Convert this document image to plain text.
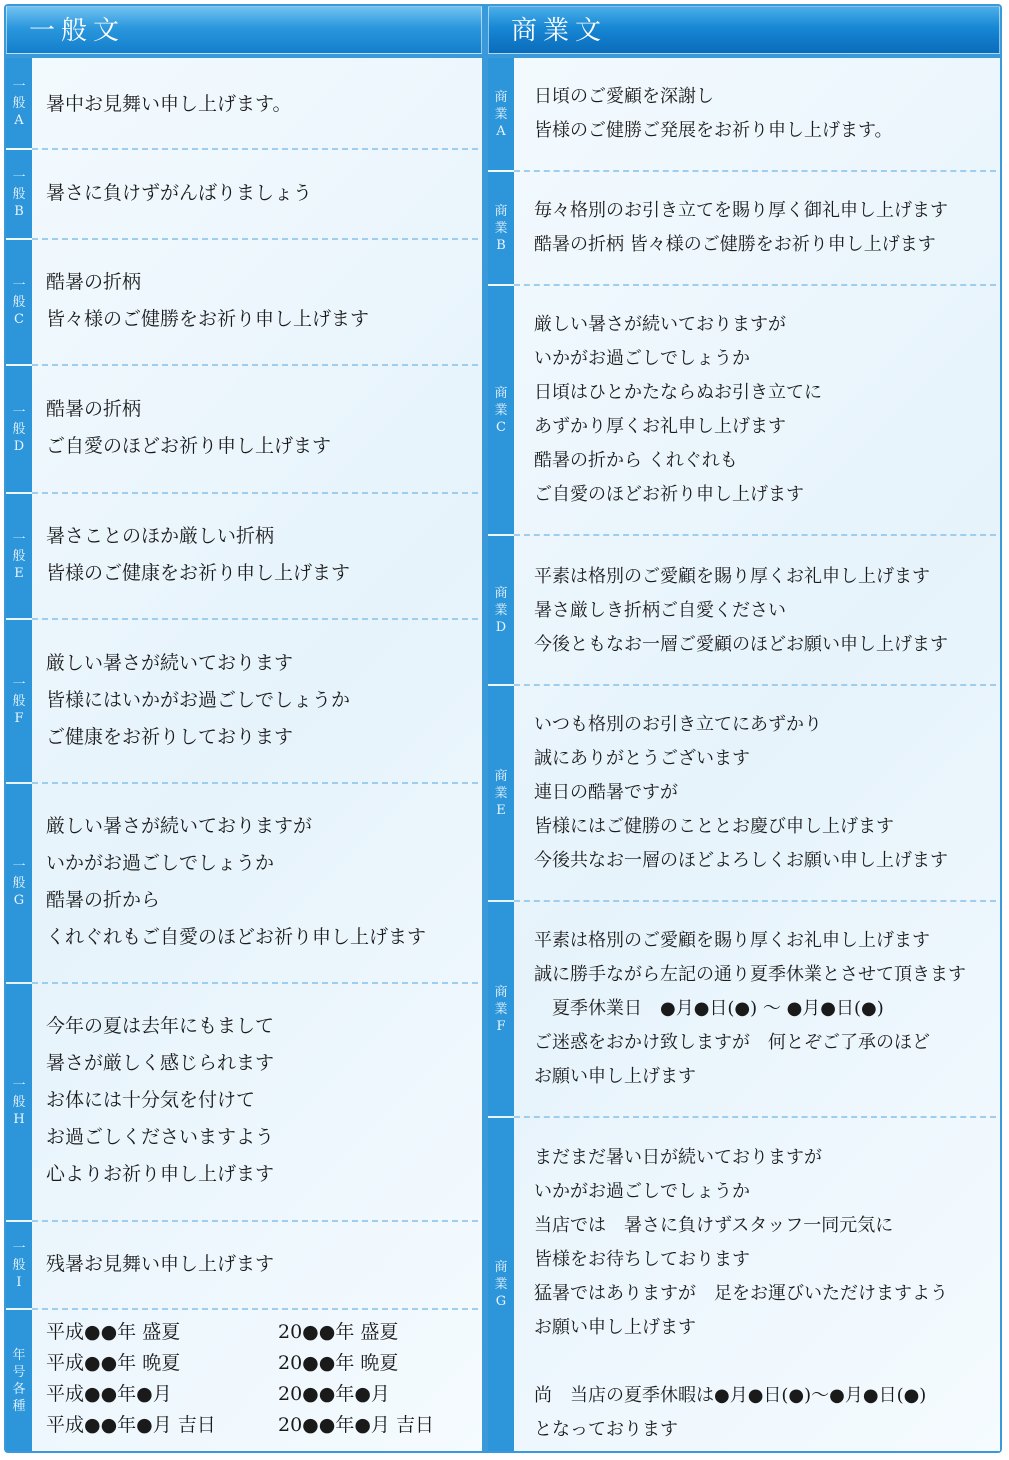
一般文
一
般
A
暑中お見舞い申し上げます。
一
般
B
暑さに負けずがんばりましょう
一
般
C
酷暑の折柄
皆々様のご健勝をお祈り申し上げます
一
般
D
酷暑の折柄
ご自愛のほどお祈り申し上げます
一
般
E
暑さことのほか厳しい折柄
皆様のご健康をお祈り申し上げます
一
般
F
厳しい暑さが続いております
皆様にはいかがお過ごしでしょうか
ご健康をお祈りしております
一
般
G
厳しい暑さが続いておりますが
いかがお過ごしでしょうか
酷暑の折から
くれぐれもご自愛のほどお祈り申し上げます
一
般
H
今年の夏は去年にもまして
暑さが厳しく感じられます
お体には十分気を付けて
お過ごしくださいますよう
心よりお祈り申し上げます
一
般
I
残暑お見舞い申し上げます
年
号
各
種
平成●●年 盛夏
平成●●年 晩夏
平成●●年●月
平成●●年●月 吉日
20●●年 盛夏
20●●年 晩夏
20●●年●月
20●●年●月 吉日
商業文
商
業
A
日頃のご愛顧を深謝し
皆様のご健勝ご発展をお祈り申し上げます。
商
業
B
毎々格別のお引き立てを賜り厚く御礼申し上げます
酷暑の折柄 皆々様のご健勝をお祈り申し上げます
商
業
C
厳しい暑さが続いておりますが
いかがお過ごしでしょうか
日頃はひとかたならぬお引き立てに
あずかり厚くお礼申し上げます
酷暑の折から くれぐれも
ご自愛のほどお祈り申し上げます
商
業
D
平素は格別のご愛顧を賜り厚くお礼申し上げます
暑さ厳しき折柄ご自愛ください
今後ともなお一層ご愛顧のほどお願い申し上げます
商
業
E
いつも格別のお引き立てにあずかり
誠にありがとうございます
連日の酷暑ですが
皆様にはご健勝のこととお慶び申し上げます
今後共なお一層のほどよろしくお願い申し上げます
商
業
F
平素は格別のご愛顧を賜り厚くお礼申し上げます
誠に勝手ながら左記の通り夏季休業とさせて頂きます
　夏季休業日　●月●日(●) ～ ●月●日(●)
ご迷惑をおかけ致しますが　何とぞご了承のほど
お願い申し上げます
商
業
G
まだまだ暑い日が続いておりますが
いかがお過ごしでしょうか
当店では　暑さに負けずスタッフ一同元気に
皆様をお待ちしております
猛暑ではありますが　足をお運びいただけますよう
お願い申し上げます

尚　当店の夏季休暇は●月●日(●)～●月●日(●)
となっております
